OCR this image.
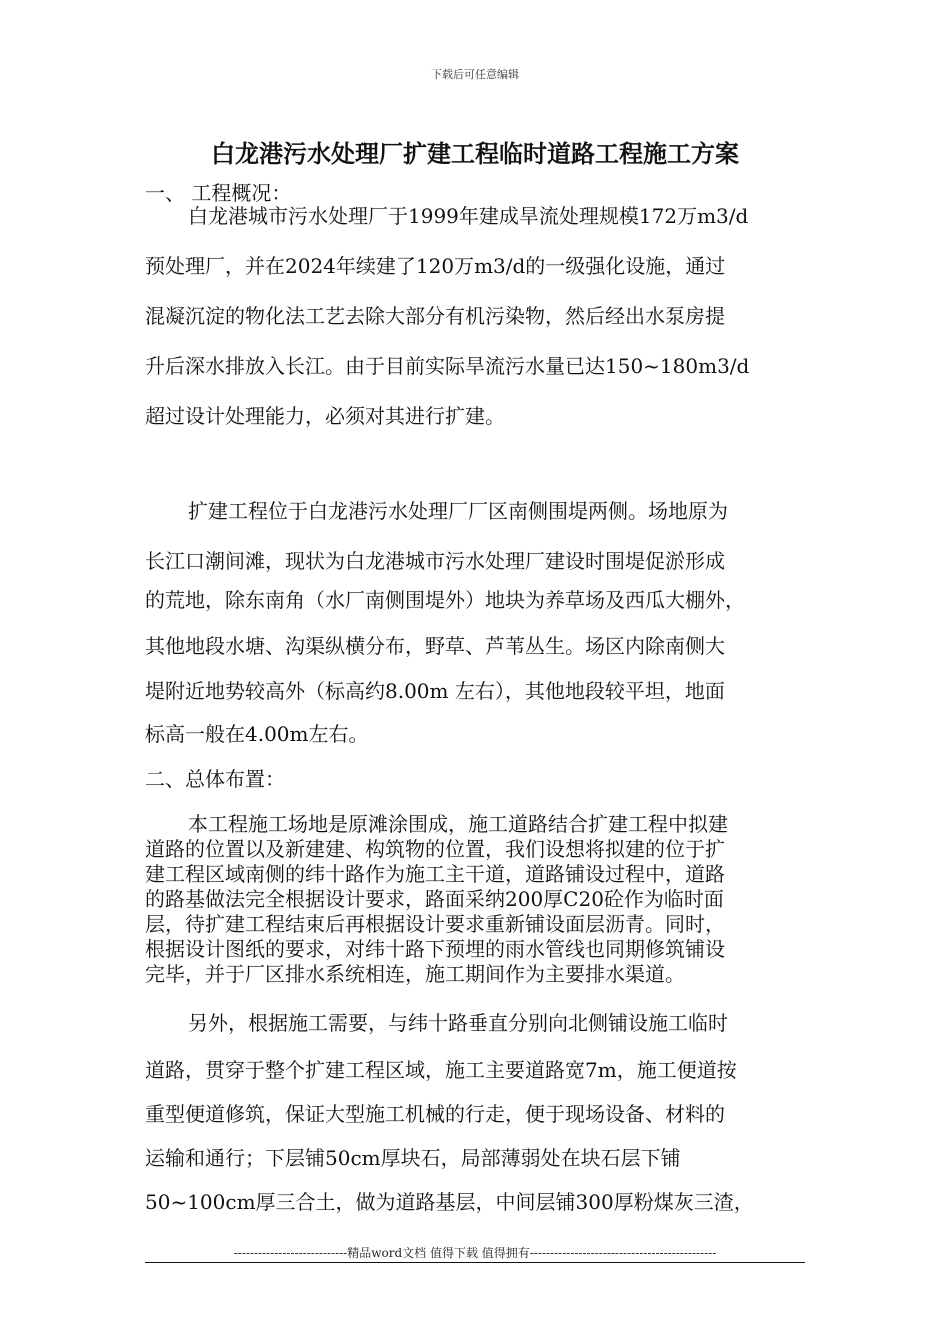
下载后可任意编辑
白龙港污水处理厂扩建工程临时道路工程施工方案
一、 工程概况：
白龙港城市污水处理厂于1999年建成旱流处理规模172万m3/d
预处理厂，并在2024年续建了120万m3/d的一级强化设施，通过
混凝沉淀的物化法工艺去除大部分有机污染物，然后经出水泵房提
升后深水排放入长江。由于目前实际旱流污水量已达150~180m3/d
超过设计处理能力，必须对其进行扩建。
扩建工程位于白龙港污水处理厂厂区南侧围堤两侧。场地原为
长江口潮间滩，现状为白龙港城市污水处理厂建设时围堤促淤形成
的荒地，除东南角（水厂南侧围堤外）地块为养草场及西瓜大棚外，
其他地段水塘、沟渠纵横分布，野草、芦苇丛生。场区内除南侧大
堤附近地势较高外（标高约8.00m 左右），其他地段较平坦，地面
标高一般在4.00m左右。
二、总体布置：
本工程施工场地是原滩涂围成，施工道路结合扩建工程中拟建
道路的位置以及新建建、构筑物的位置，我们设想将拟建的位于扩
建工程区域南侧的纬十路作为施工主干道，道路铺设过程中，道路
的路基做法完全根据设计要求，路面采纳200厚C20砼作为临时面
层，待扩建工程结束后再根据设计要求重新铺设面层沥青。同时，
根据设计图纸的要求，对纬十路下预埋的雨水管线也同期修筑铺设
完毕，并于厂区排水系统相连，施工期间作为主要排水渠道。
另外，根据施工需要，与纬十路垂直分别向北侧铺设施工临时
道路，贯穿于整个扩建工程区域，施工主要道路宽7m，施工便道按
重型便道修筑，保证大型施工机械的行走，便于现场设备、材料的
运输和通行；下层铺50cm厚块石，局部薄弱处在块石层下铺
50~100cm厚三合土，做为道路基层，中间层铺300厚粉煤灰三渣，
----------------------------精品word文档 值得下载 值得拥有----------------------------------------------
